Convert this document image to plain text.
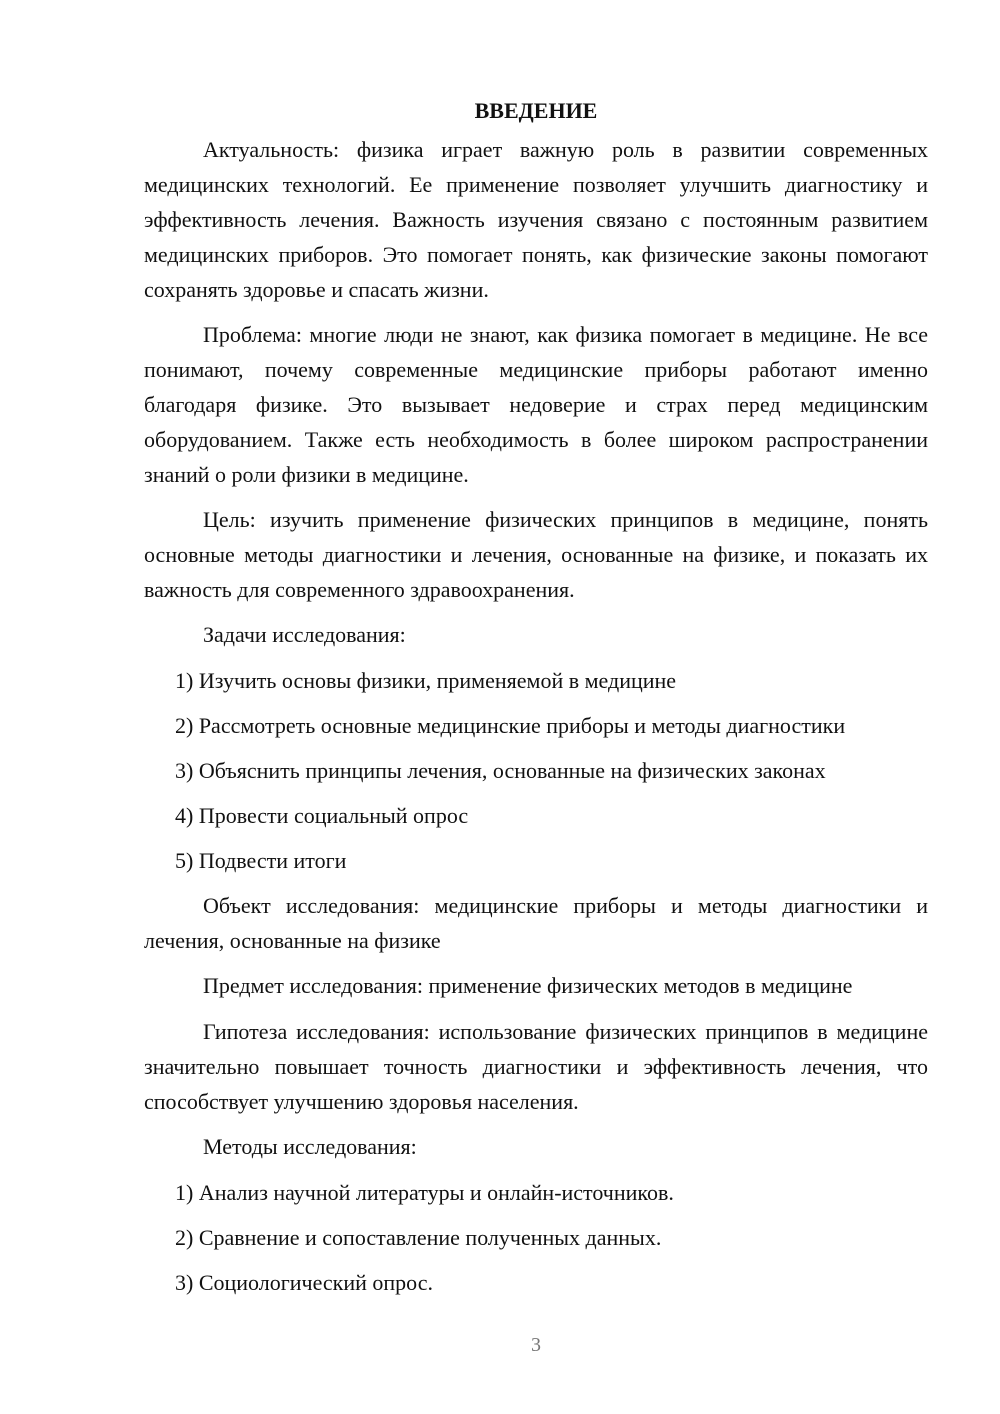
ВВЕДЕНИЕ

Актуальность: физика играет важную роль в развитии современных медицинских технологий. Ее применение позволяет улучшить диагностику и эффективность лечения. Важность изучения связано с постоянным развитием медицинских приборов. Это помогает понять, как физические законы помогают сохранять здоровье и спасать жизни.

Проблема: многие люди не знают, как физика помогает в медицине. Не все понимают, почему современные медицинские приборы работают именно благодаря физике. Это вызывает недоверие и страх перед медицинским оборудованием. Также есть необходимость в более широком распространении знаний о роли физики в медицине.

Цель: изучить применение физических принципов в медицине, понять основные методы диагностики и лечения, основанные на физике, и показать их важность для современного здравоохранения.

Задачи исследования:

1) Изучить основы физики, применяемой в медицине

2) Рассмотреть основные медицинские приборы и методы диагностики

3) Объяснить принципы лечения, основанные на физических законах

4) Провести социальный опрос

5) Подвести итоги

Объект исследования: медицинские приборы и методы диагностики и лечения, основанные на физике

Предмет исследования: применение физических методов в медицине

Гипотеза исследования: использование физических принципов в медицине значительно повышает точность диагностики и эффективность лечения, что способствует улучшению здоровья населения.

Методы исследования:

1) Анализ научной литературы и онлайн-источников.

2) Сравнение и сопоставление полученных данных.

3) Социологический опрос.

3
